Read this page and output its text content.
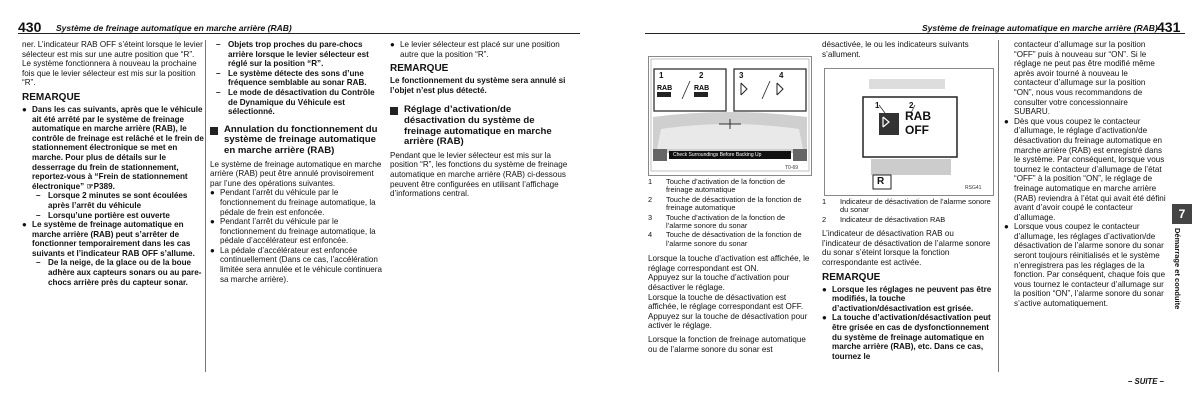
430 Système de freinage automatique en marche arrière (RAB)

ner. L’indicateur RAB OFF s’éteint lorsque le levier sélecteur est mis sur une autre position que “R”.

Le système fonctionnera à nouveau la prochaine fois que le levier sélecteur est mis sur la position “R”.

REMARQUE
● Dans les cas suivants, après que le véhicule ait été arrêté par le système de freinage automatique en marche arrière (RAB), le contrôle de freinage est relâché et le frein de stationnement électronique se met en marche. Pour plus de détails sur le desserrage du frein de stationnement, reportez-vous à “Frein de stationnement électronique” ☞P389.
– Lorsque 2 minutes se sont écoulées après l’arrêt du véhicule
– Lorsqu’une portière est ouverte
● Le système de freinage automatique en marche arrière (RAB) peut s’arrêter de fonctionner temporairement dans les cas suivants et l’indicateur RAB OFF s’allume.
– De la neige, de la glace ou de la boue adhère aux capteurs sonars ou au pare-chocs arrière près du capteur sonar.
– Objets trop proches du pare-chocs arrière lorsque le levier sélecteur est réglé sur la position “R”.
– Le système détecte des sons d’une fréquence semblable au sonar RAB.
– Le mode de désactivation du Contrôle de Dynamique du Véhicule est sélectionné.
Annulation du fonctionnement du système de freinage automatique en marche arrière (RAB)

Le système de freinage automatique en marche arrière (RAB) peut être annulé provisoirement par l’une des opérations suivantes.

● Pendant l’arrêt du véhicule par le fonctionnement du freinage automatique, la pédale de frein est enfoncée.
● Pendant l’arrêt du véhicule par le fonctionnement du freinage automatique, la pédale d’accélérateur est enfoncée.
● La pédale d’accélérateur est enfoncée continuellement (Dans ce cas, l’accélération limitée sera annulée et le véhicule continuera sa marche arrière).
● Le levier sélecteur est placé sur une position autre que la position “R”.
REMARQUE

Le fonctionnement du système sera annulé si l’objet n’est plus détecté.

Réglage d’activation/de désactivation du système de freinage automatique en marche arrière (RAB)

Pendant que le levier sélecteur est mis sur la position “R”, les fonctions du système de freinage automatique en marche arrière (RAB) ci-dessous peuvent être configurées en utilisant l’affichage d’informations central.

Système de freinage automatique en marche arrière (RAB) 431
RAB	RAB
1	2	3	4
Check Surroundings Before Backing Up
T0-69
1	Touche d’activation de la fonction de freinage automatique
2	Touche de désactivation de la fonction de freinage automatique
3	Touche d’activation de la fonction de l’alarme sonore du sonar
4	Touche de désactivation de la fonction de l’alarme sonore du sonar

Lorsque la touche d’activation est affichée, le réglage correspondant est ON.

Appuyez sur la touche d’activation pour désactiver le réglage.

Lorsque la touche de désactivation est affichée, le réglage correspondant est OFF.

Appuyez sur la touche de désactivation pour activer le réglage.

Lorsque la fonction de freinage automatique ou de l’alarme sonore du sonar est

désactivée, le ou les indicateurs suivants s’allument.

1	2
RAB
OFF
R
RSG41
1	Indicateur de désactivation de l’alarme sonore du sonar
2	Indicateur de désactivation RAB

L’indicateur de désactivation RAB ou l’indicateur de désactivation de l’alarme sonore du sonar s’éteint lorsque la fonction correspondante est activée.

REMARQUE
● Lorsque les réglages ne peuvent pas être modifiés, la touche d’activation/désactivation est grisée.
● La touche d’activation/désactivation peut être grisée en cas de dysfonctionnement du système de freinage automatique en marche arrière (RAB), etc. Dans ce cas, tournez le

contacteur d’allumage sur la position “OFF” puis à nouveau sur “ON”. Si le réglage ne peut pas être modifié même après avoir tourné à nouveau le contacteur d’allumage sur la position “ON”, nous vous recommandons de consulter votre concessionnaire SUBARU.

● Dès que vous coupez le contacteur d’allumage, le réglage d’activation/de désactivation du freinage automatique en marche arrière (RAB) est enregistré dans le système. Par conséquent, lorsque vous tournez le contacteur d’allumage de l’état “OFF” à la position “ON”, le réglage de freinage automatique en marche arrière (RAB) reviendra à l’état qui avait été défini avant d’avoir coupé le contacteur d’allumage.
● Lorsque vous coupez le contacteur d’allumage, les réglages d’activation/de désactivation de l’alarme sonore du sonar seront toujours réinitialisés et le système n’enregistrera pas les réglages de la fonction. Par conséquent, chaque fois que vous tournez le contacteur d’allumage sur la position “ON”, l’alarme sonore du sonar s’active automatiquement.
7
Démarrage et conduite
– SUITE –
